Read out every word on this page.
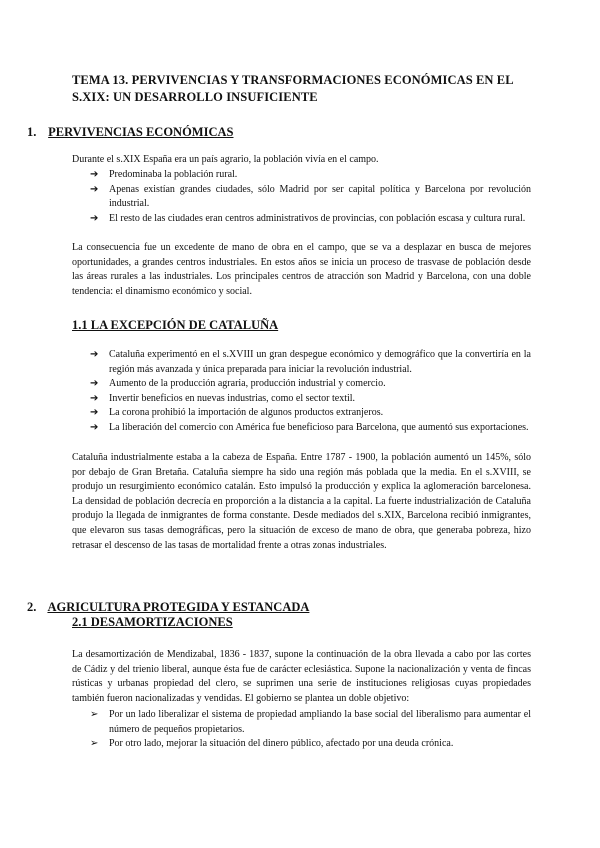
TEMA 13. PERVIVENCIAS Y TRANSFORMACIONES ECONÓMICAS EN EL S.XIX: UN DESARROLLO INSUFICIENTE
1. PERVIVENCIAS ECONÓMICAS
Durante el s.XIX España era un país agrario, la población vivía en el campo.
➔ Predominaba la población rural.
➔ Apenas existían grandes ciudades, sólo Madrid por ser capital política y Barcelona por revolución industrial.
➔ El resto de las ciudades eran centros administrativos de provincias, con población escasa y cultura rural.
La consecuencia fue un excedente de mano de obra en el campo, que se va a desplazar en busca de mejores oportunidades, a grandes centros industriales. En estos años se inicia un proceso de trasvase de población desde las áreas rurales a las industriales. Los principales centros de atracción son Madrid y Barcelona, con una doble tendencia: el dinamismo económico y social.
1.1 LA EXCEPCIÓN DE CATALUÑA
➔ Cataluña experimentó en el s.XVIII un gran despegue económico y demográfico que la convertiría en la región más avanzada y única preparada para iniciar la revolución industrial.
➔ Aumento de la producción agraria, producción industrial y comercio.
➔ Invertir beneficios en nuevas industrias, como el sector textil.
➔ La corona prohibió la importación de algunos productos extranjeros.
➔ La liberación del comercio con América fue beneficioso para Barcelona, que aumentó sus exportaciones.
Cataluña industrialmente estaba a la cabeza de España. Entre 1787 - 1900, la población aumentó un 145%, sólo por debajo de Gran Bretaña. Cataluña siempre ha sido una región más poblada que la media. En el s.XVIII, se produjo un resurgimiento económico catalán. Esto impulsó la producción y explica la aglomeración barcelonesa. La densidad de población decrecía en proporción a la distancia a la capital. La fuerte industrialización de Cataluña produjo la llegada de inmigrantes de forma constante. Desde mediados del s.XIX, Barcelona recibió inmigrantes, que elevaron sus tasas demográficas, pero la situación de exceso de mano de obra, que generaba pobreza, hizo retrasar el descenso de las tasas de mortalidad frente a otras zonas industriales.
2. AGRICULTURA PROTEGIDA Y ESTANCADA
2.1 DESAMORTIZACIONES
La desamortización de Mendizabal, 1836 - 1837, supone la continuación de la obra llevada a cabo por las cortes de Cádiz y del trienio liberal, aunque ésta fue de carácter eclesiástica. Supone la nacionalización y venta de fincas rústicas y urbanas propiedad del clero, se suprimen una serie de instituciones religiosas cuyas propiedades también fueron nacionalizadas y vendidas. El gobierno se plantea un doble objetivo:
➢ Por un lado liberalizar el sistema de propiedad ampliando la base social del liberalismo para aumentar el número de pequeños propietarios.
➢ Por otro lado, mejorar la situación del dinero público, afectado por una deuda crónica.
